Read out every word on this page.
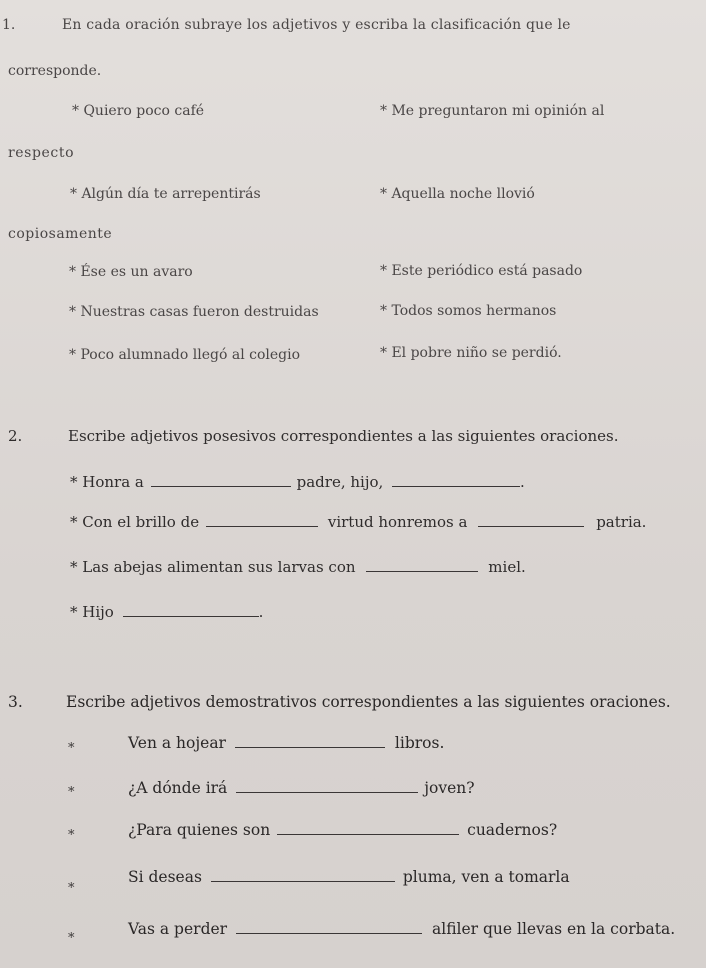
1.	En cada oración subraye los adjetivos y escriba la clasificación que le
corresponde.
* Quiero poco café	* Me preguntaron mi opinión al
respecto
* Algún día te arrepentirás	* Aquella noche llovió
copiosamente
* Ése es un avaro	* Este periódico está pasado
* Nuestras casas fueron destruidas	* Todos somos hermanos
* Poco alumnado llegó al colegio	* El pobre niño se perdió.
2.	Escribe adjetivos posesivos correspondientes a las siguientes oraciones.
* Honra a	padre, hijo,	.
* Con el brillo de	virtud honremos a	patria.
* Las abejas alimentan sus larvas con	miel.
* Hijo	.
3.	Escribe adjetivos demostrativos correspondientes a las siguientes oraciones.
*	Ven a hojear	libros.
*	¿A dónde irá	joven?
*	¿Para quienes son	cuadernos?
*
Si deseas	pluma, ven a tomarla
*
Vas a perder	alfiler que llevas en la corbata.
